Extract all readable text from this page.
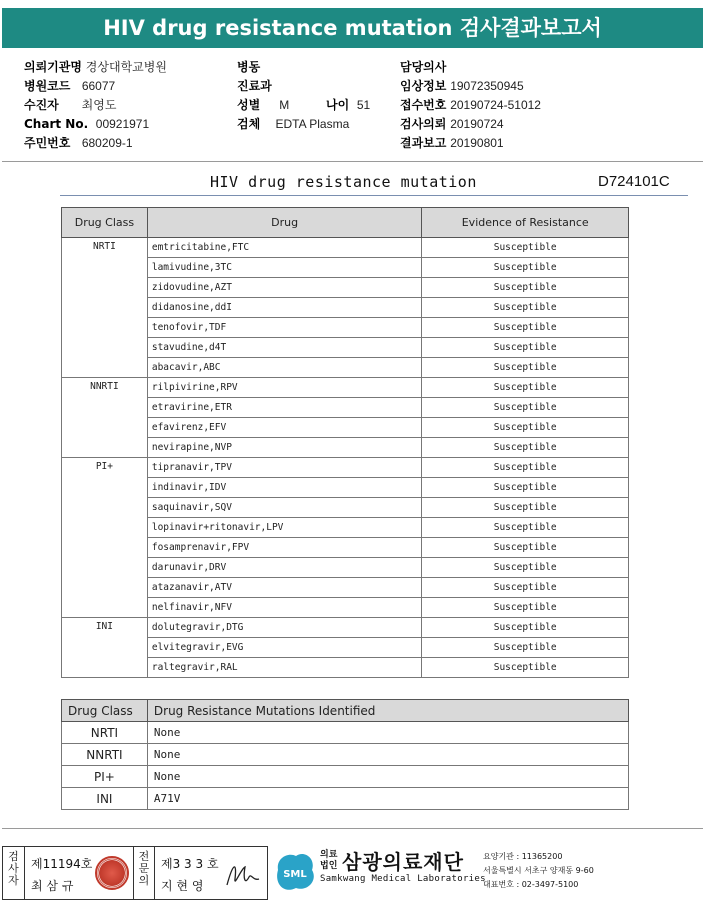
HIV drug resistance mutation 검사결과보고서
의뢰기관명 경상대학교병원
병원코드 66077
수진자 최영도
Chart No. 00921971
주민번호 680209-1
병동
진료과
성별 M	나이 51
검체 EDTA Plasma
담당의사
임상정보 19072350945
접수번호 20190724-51012
검사의뢰 20190724
결과보고 20190801
HIV drug resistance mutation	D724101C
Drug Class	Drug	Evidence of Resistance
NRTI	emtricitabine,FTC	Susceptible
	lamivudine,3TC	Susceptible
	zidovudine,AZT	Susceptible
	didanosine,ddI	Susceptible
	tenofovir,TDF	Susceptible
	stavudine,d4T	Susceptible
	abacavir,ABC	Susceptible
NNRTI	rilpivirine,RPV	Susceptible
	etravirine,ETR	Susceptible
	efavirenz,EFV	Susceptible
	nevirapine,NVP	Susceptible
PI+	tipranavir,TPV	Susceptible
	indinavir,IDV	Susceptible
	saquinavir,SQV	Susceptible
	lopinavir+ritonavir,LPV	Susceptible
	fosamprenavir,FPV	Susceptible
	darunavir,DRV	Susceptible
	atazanavir,ATV	Susceptible
	nelfinavir,NFV	Susceptible
INI	dolutegravir,DTG	Susceptible
	elvitegravir,EVG	Susceptible
	raltegravir,RAL	Susceptible
Drug Class	Drug Resistance Mutations Identified
NRTI	None
NNRTI	None
PI+	None
INI	A71V
검
사
자
제11194호
최 삼 규
전
문
의
제3 3 3 호
지 현 영
SML
의료
법인 삼광의료재단
Samkwang Medical Laboratories
요양기관 : 11365200
서울특별시 서초구 양재동 9-60
대표번호 : 02-3497-5100
